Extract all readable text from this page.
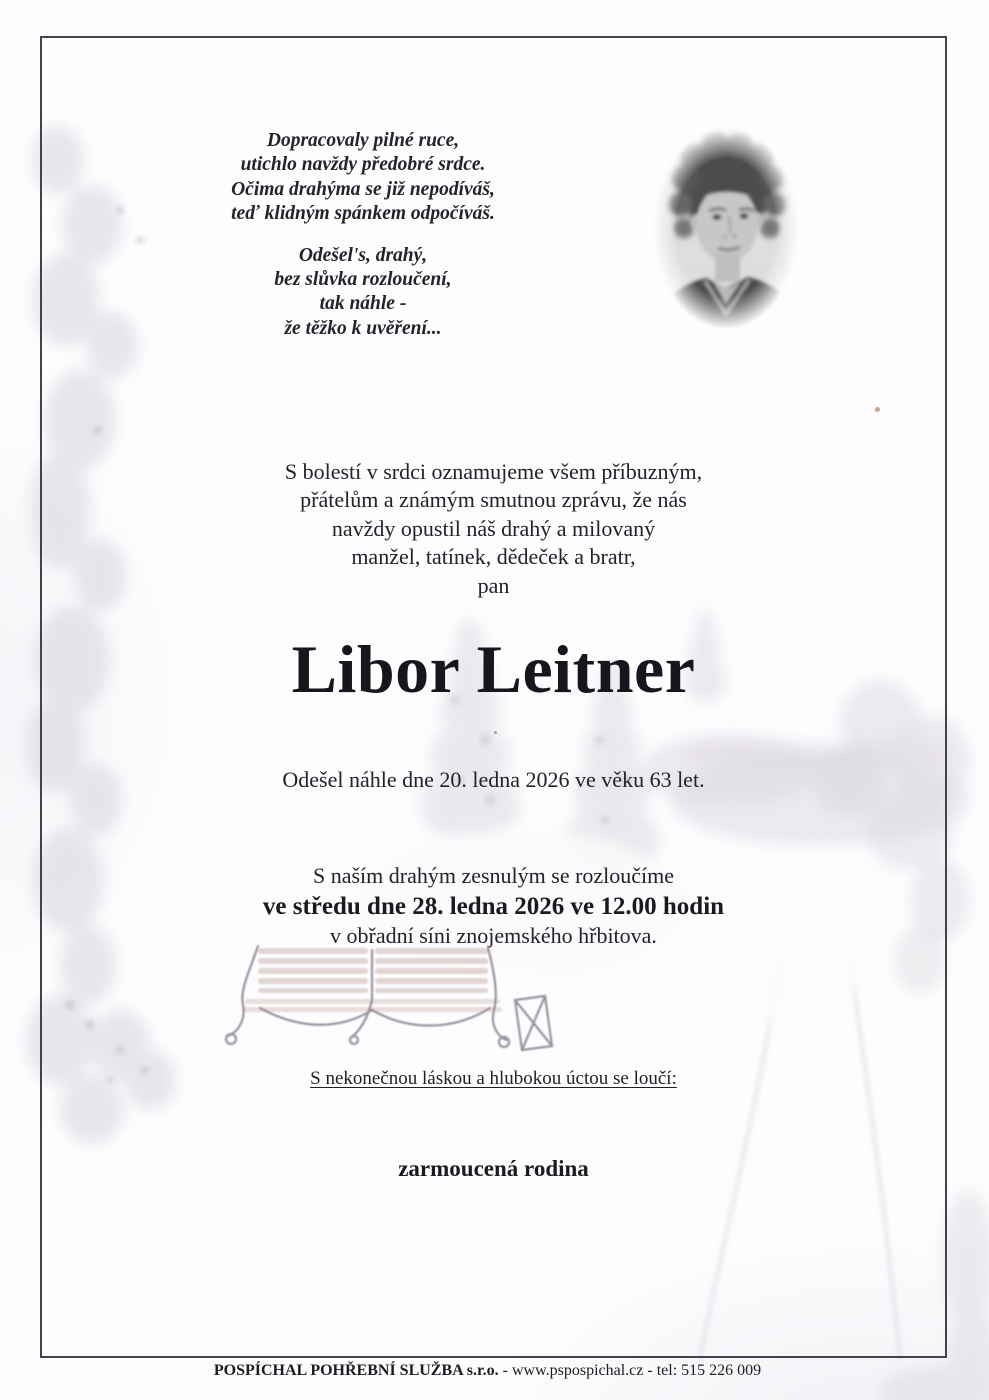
Dopracovaly pilné ruce,
utichlo navždy předobré srdce.
Očima drahýma se již nepodíváš,
teď klidným spánkem odpočíváš.
Odešel's, drahý,
bez slůvka rozloučení,
tak náhle -
že těžko k uvěření...
S bolestí v srdci oznamujeme všem příbuzným,
přátelům a známým smutnou zprávu, že nás
navždy opustil náš drahý a milovaný
manžel, tatínek, dědeček a bratr,
pan
Libor Leitner
Odešel náhle dne 20. ledna 2026 ve věku 63 let.
S naším drahým zesnulým se rozloučíme
ve středu dne 28. ledna 2026 ve 12.00 hodin
v obřadní síni znojemského hřbitova.
S nekonečnou láskou a hlubokou úctou se loučí:
zarmoucená rodina
POSPÍCHAL POHŘEBNÍ SLUŽBA s.r.o. - www.pspospichal.cz - tel: 515 226 009
